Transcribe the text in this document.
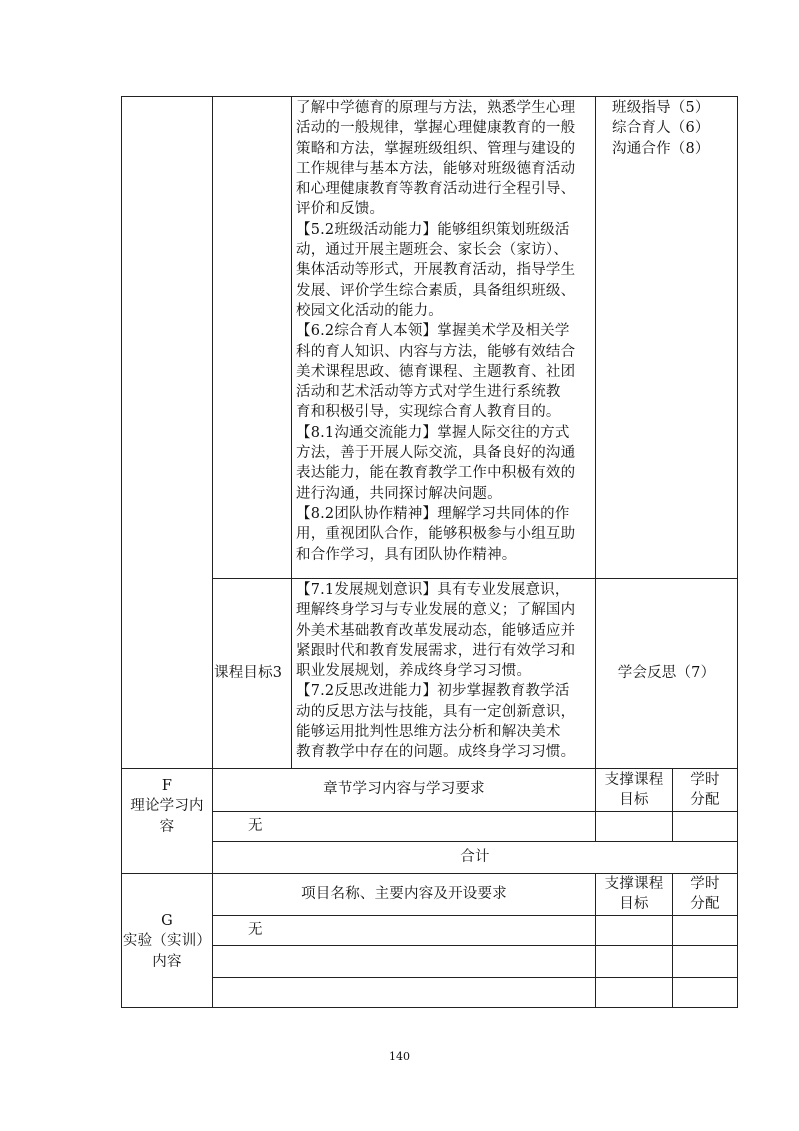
了解中学德育的原理与方法，熟悉学生心理
活动的一般规律，掌握心理健康教育的一般
策略和方法，掌握班级组织、管理与建设的
工作规律与基本方法，能够对班级德育活动
和心理健康教育等教育活动进行全程引导、
评价和反馈。
【5.2班级活动能力】能够组织策划班级活
动，通过开展主题班会、家长会（家访）、
集体活动等形式，开展教育活动，指导学生
发展、评价学生综合素质，具备组织班级、
校园文化活动的能力。
【6.2综合育人本领】掌握美术学及相关学
科的育人知识、内容与方法，能够有效结合
美术课程思政、德育课程、主题教育、社团
活动和艺术活动等方式对学生进行系统教
育和积极引导，实现综合育人教育目的。
【8.1沟通交流能力】掌握人际交往的方式
方法，善于开展人际交流，具备良好的沟通
表达能力，能在教育教学工作中积极有效的
进行沟通，共同探讨解决问题。
【8.2团队协作精神】理解学习共同体的作
用，重视团队合作，能够积极参与小组互助
和合作学习，具有团队协作精神。
班级指导（5）
综合育人（6）
沟通合作（8）
课程目标3
【7.1发展规划意识】具有专业发展意识，
理解终身学习与专业发展的意义；了解国内
外美术基础教育改革发展动态，能够适应并
紧跟时代和教育发展需求，进行有效学习和
职业发展规划，养成终身学习习惯。
【7.2反思改进能力】初步掌握教育教学活
动的反思方法与技能，具有一定创新意识，
能够运用批判性思维方法分析和解决美术
教育教学中存在的问题。成终身学习习惯。
学会反思（7）
F
理论学习内
容
章节学习内容与学习要求
支撑课程
目标
学时
分配
无
合计
G
实验（实训）
内容
项目名称、主要内容及开设要求
支撑课程
目标
学时
分配
无
140
